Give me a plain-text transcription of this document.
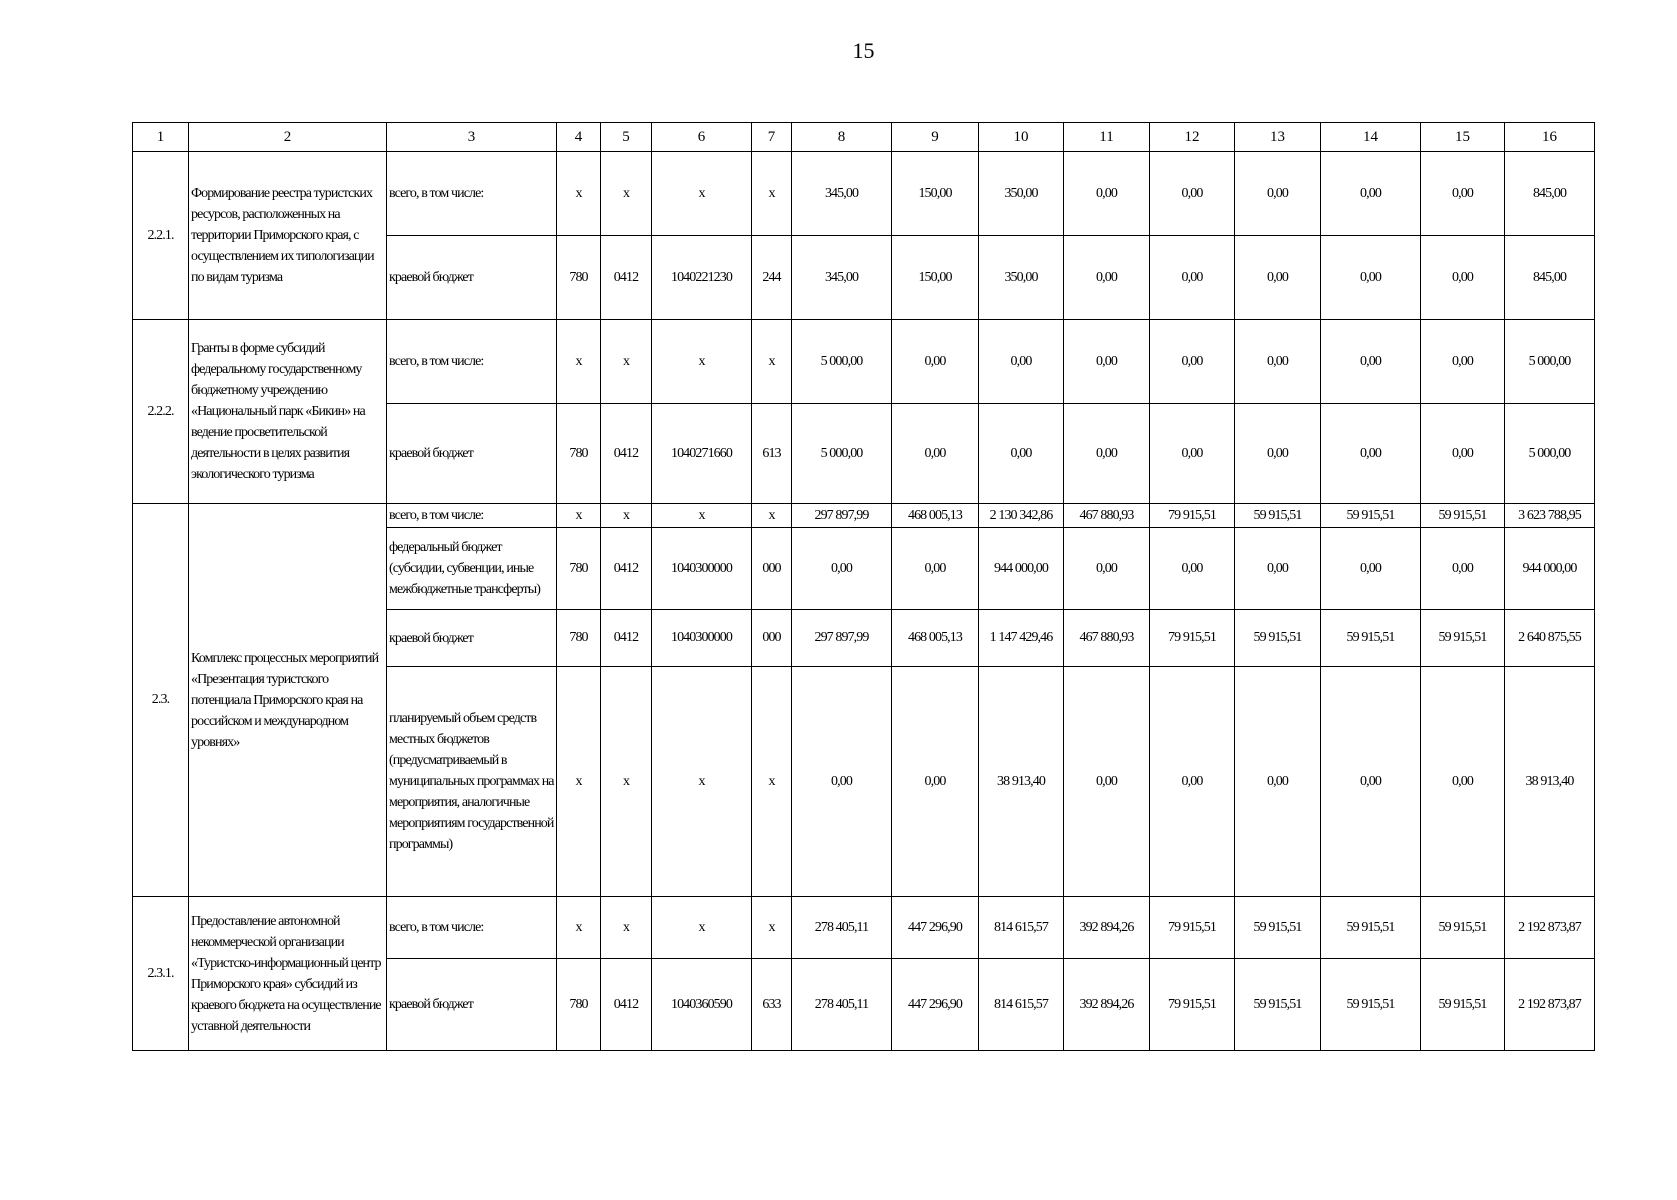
15
1	2	3	4	5	6	7	8	9	10	11	12	13	14	15	16
2.2.1.	Формирование реестра туристских ресурсов, расположенных на территории Приморского края, с осуществлением их типологизации по видам туризма	всего, в том числе:	x	x	x	x	345,00	150,00	350,00	0,00	0,00	0,00	0,00	0,00	845,00
		краевой бюджет	780	0412	1040221230	244	345,00	150,00	350,00	0,00	0,00	0,00	0,00	0,00	845,00
2.2.2.	Гранты в форме субсидий федеральному государственному бюджетному учреждению «Национальный парк «Бикин» на ведение просветительской деятельности в целях развития экологического туризма	всего, в том числе:	x	x	x	x	5 000,00	0,00	0,00	0,00	0,00	0,00	0,00	0,00	5 000,00
		краевой бюджет	780	0412	1040271660	613	5 000,00	0,00	0,00	0,00	0,00	0,00	0,00	0,00	5 000,00
2.3.	Комплекс процессных мероприятий «Презентация туристского потенциала Приморского края на российском и международном уровнях»	всего, в том числе:	x	x	x	x	297 897,99	468 005,13	2 130 342,86	467 880,93	79 915,51	59 915,51	59 915,51	59 915,51	3 623 788,95
		федеральный бюджет (субсидии, субвенции, иные межбюджетные трансферты)	780	0412	1040300000	000	0,00	0,00	944 000,00	0,00	0,00	0,00	0,00	0,00	944 000,00
		краевой бюджет	780	0412	1040300000	000	297 897,99	468 005,13	1 147 429,46	467 880,93	79 915,51	59 915,51	59 915,51	59 915,51	2 640 875,55
		планируемый объем средств местных бюджетов (предусматриваемый в муниципальных программах на мероприятия, аналогичные мероприятиям государственной программы)	x	x	x	x	0,00	0,00	38 913,40	0,00	0,00	0,00	0,00	0,00	38 913,40
2.3.1.	Предоставление автономной некоммерческой организации «Туристско-информационный центр Приморского края» субсидий из краевого бюджета на осуществление уставной деятельности	всего, в том числе:	x	x	x	x	278 405,11	447 296,90	814 615,57	392 894,26	79 915,51	59 915,51	59 915,51	59 915,51	2 192 873,87
		краевой бюджет	780	0412	1040360590	633	278 405,11	447 296,90	814 615,57	392 894,26	79 915,51	59 915,51	59 915,51	59 915,51	2 192 873,87
